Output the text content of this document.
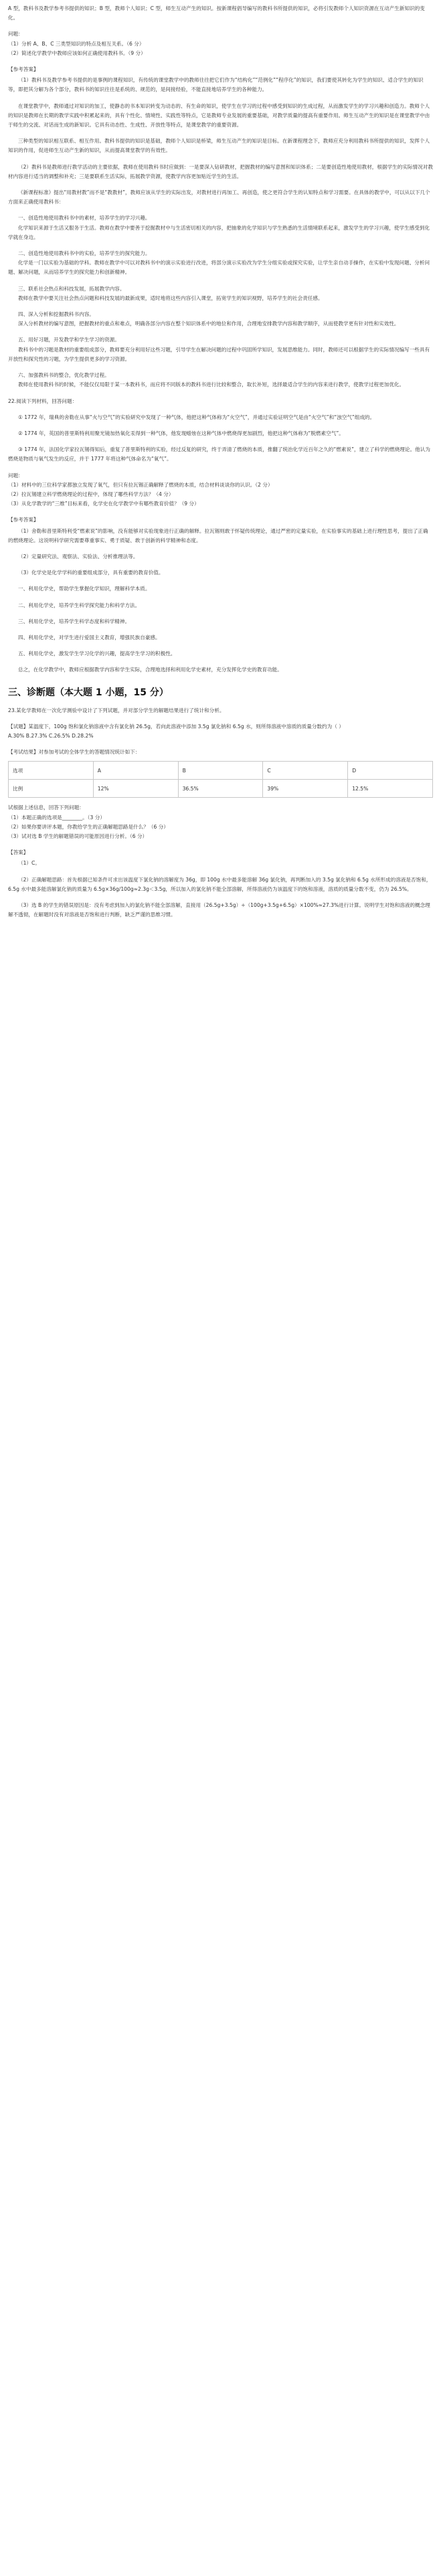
A 型，教科书及教学参考书提供的知识；B 型，教师个人知识；C 型，师生互动产生的知识。按新课程倡导编写的教科书所提供的知识，必将引发教师个人知识资源在互动产生新知识的变化。

问题：

（1）分析 A、B、C 三类型知识的特点及相互关系。（6 分）

（2）简述化学教学中教师应该如何正确使用教科书。（9 分）

【参考答案】

（1）教科书及教学参考书提供的是事例的课程知识，有传统的课堂教学中的教师往往把它们作为“结构化”“范例化”“程序化”的知识，我们要使其转化为学生的知识、适合学生的知识等，即把其分解为各个部分，教科书的知识往往是系统的、规范的，是间接经验，不能直接地培养学生的各种能力。

在课堂教学中，教师通过对知识的加工，使静态的书本知识转变为动态的、有生命的知识，使学生在学习的过程中感受到知识的生成过程，从而激发学生的学习兴趣和创造力。教师个人的知识是教师在长期的教学实践中积累起来的，具有个性化、情境性、实践性等特点，它是教师专业发展的重要基础，对教学质量的提高有重要作用。师生互动产生的知识是在课堂教学中由于师生的交流、对话而生成的新知识。它具有动态性、生成性、开放性等特点，是课堂教学的重要资源。

三种类型的知识相互联系、相互作用。教科书提供的知识是基础，教师个人知识是桥梁，师生互动产生的知识是目标。在新课程理念下，教师应充分利用教科书所提供的知识，发挥个人知识的作用，促进师生互动产生新的知识，从而提高课堂教学的有效性。

（2）教科书是教师进行教学活动的主要依据，教师在使用教科书时应做到：一是要深入钻研教材，把握教材的编写意图和知识体系；二是要创造性地使用教材，根据学生的实际情况对教材内容进行适当的调整和补充；三是要联系生活实际，拓展教学资源，使教学内容更加贴近学生的生活。

《新课程标准》提出“用教材教”而不是“教教材”，教师应该从学生的实际出发，对教材进行再加工、再创造，使之更符合学生的认知特点和学习需要。在具体的教学中，可以从以下几个方面来正确使用教科书：

一、创造性地使用教科书中的素材，培养学生的学习兴趣。

化学知识来源于生活又服务于生活。教师在教学中要善于挖掘教材中与生活密切相关的内容，把抽象的化学知识与学生熟悉的生活情境联系起来，激发学生的学习兴趣，使学生感受到化学就在身边。

二、创造性地使用教科书中的实验，培养学生的探究能力。

化学是一门以实验为基础的学科。教师在教学中可以对教科书中的演示实验进行改进，将部分演示实验改为学生分组实验或探究实验，让学生亲自动手操作，在实验中发现问题、分析问题、解决问题，从而培养学生的探究能力和创新精神。

三、联系社会热点和科技发展，拓展教学内容。

教师在教学中要关注社会热点问题和科技发展的最新成果，适时地将这些内容引入课堂，拓宽学生的知识视野，培养学生的社会责任感。

四、深入分析和挖掘教科书内容。

深入分析教材的编写意图，把握教材的重点和难点，明确各部分内容在整个知识体系中的地位和作用，合理地安排教学内容和教学顺序，从而使教学更有针对性和实效性。

五、用好习题，开发教学和学生学习的资源。

教科书中的习题是教材的重要组成部分，教师要充分利用好这些习题，引导学生在解决问题的过程中巩固所学知识，发展思维能力。同时，教师还可以根据学生的实际情况编写一些具有开放性和探究性的习题，为学生提供更多的学习资源。

六、加强教科书的整合，优化教学过程。

教师在使用教科书的时候，不能仅仅局限于某一本教科书，而应将不同版本的教科书进行比较和整合，取长补短，选择最适合学生的内容来进行教学，使教学过程更加优化。

22.阅读下列材料，回答问题：

① 1772 年，瑞典的舍勒在从事“火与空气”的实验研究中发现了一种气体，他把这种气体称为“火空气”，并通过实验证明空气是由“火空气”和“浊空气”组成的。

② 1774 年，英国的普里斯特利用聚光镜加热氧化汞得到一种气体，他发现蜡烛在这种气体中燃烧得更加剧烈，他把这种气体称为“脱燃素空气”。

③ 1774 年，法国化学家拉瓦锡得知后，重复了普里斯特利的实验，经过反复的研究，终于弄清了燃烧的本质，推翻了统治化学近百年之久的“燃素说”，建立了科学的燃烧理论。他认为燃烧是物质与氧气发生的反应，并于 1777 年将这种气体命名为“氧气”。

问题：

（1）材料中的三位科学家都独立发现了氧气，但只有拉瓦锡正确解释了燃烧的本质，结合材料谈谈你的认识。（2 分）

（2）拉瓦锡建立科学燃烧理论的过程中，体现了哪些科学方法？（4 分）

（3）从化学教学的“三维”目标来看，化学史在化学教学中有哪些教育价值？（9 分）

【参考答案】

（1）舍勒和普里斯特利受“燃素说”的影响，没有能够对实验现象进行正确的解释。拉瓦锡则敢于怀疑传统理论，通过严密的定量实验，在实验事实的基础上进行理性思考，提出了正确的燃烧理论。这说明科学研究需要尊重事实、勇于质疑、敢于创新的科学精神和态度。

（2）定量研究法、观察法、实验法、分析推理法等。

（3）化学史是化学学科的重要组成部分，具有重要的教育价值。

一、利用化学史，帮助学生掌握化学知识，理解科学本质。

二、利用化学史，培养学生科学探究能力和科学方法。

三、利用化学史，培养学生科学态度和科学精神。

四、利用化学史，对学生进行爱国主义教育，增强民族自豪感。

五、利用化学史，激发学生学习化学的兴趣，提高学生学习的积极性。

总之，在化学教学中，教师应根据教学内容和学生实际，合理地选择和利用化学史素材，充分发挥化学史的教育功能。

三、诊断题（本大题 1 小题，15 分）

23.某化学教师在一次化学测验中设计了下列试题，并对部分学生的解题结果进行了统计和分析。

【试题】某温度下，100g 饱和氯化钠溶液中含有氯化钠 26.5g，若向此溶液中添加 3.5g 氯化钠和 6.5g 水，则所得溶液中溶质的质量分数约为（ ）

A.30% B.27.3% C.26.5% D.28.2%

【考试结果】对参加考试的全体学生的答题情况统计如下：

选项	A	B	C	D
比例	12%	36.5%	39%	12.5%

试根据上述信息，回答下列问题：

（1）本题正确的选项是________。（3 分）

（2）如果你要讲评本题，你教给学生的正确解题思路是什么？（6 分）

（3）试对选 B 学生的解题错误的可能原因进行分析。（6 分）

【答案】

（1）C。

（2）正确解题思路：首先根据已知条件可求出该温度下氯化钠的溶解度为 36g，即 100g 水中最多能溶解 36g 氯化钠，再判断加入的 3.5g 氯化钠和 6.5g 水所形成的溶液是否饱和，6.5g 水中最多能溶解氯化钠的质量为 6.5g×36g/100g≈2.3g＜3.5g，所以加入的氯化钠不能全部溶解，所得溶液仍为该温度下的饱和溶液，溶质的质量分数不变，仍为 26.5%。

（3）选 B 的学生的错误原因是：没有考虑到加入的氯化钠不能全部溶解，直接用（26.5g+3.5g）÷（100g+3.5g+6.5g）×100%≈27.3%进行计算。说明学生对饱和溶液的概念理解不透彻，在解题时没有对溶液是否饱和进行判断，缺乏严谨的思维习惯。
